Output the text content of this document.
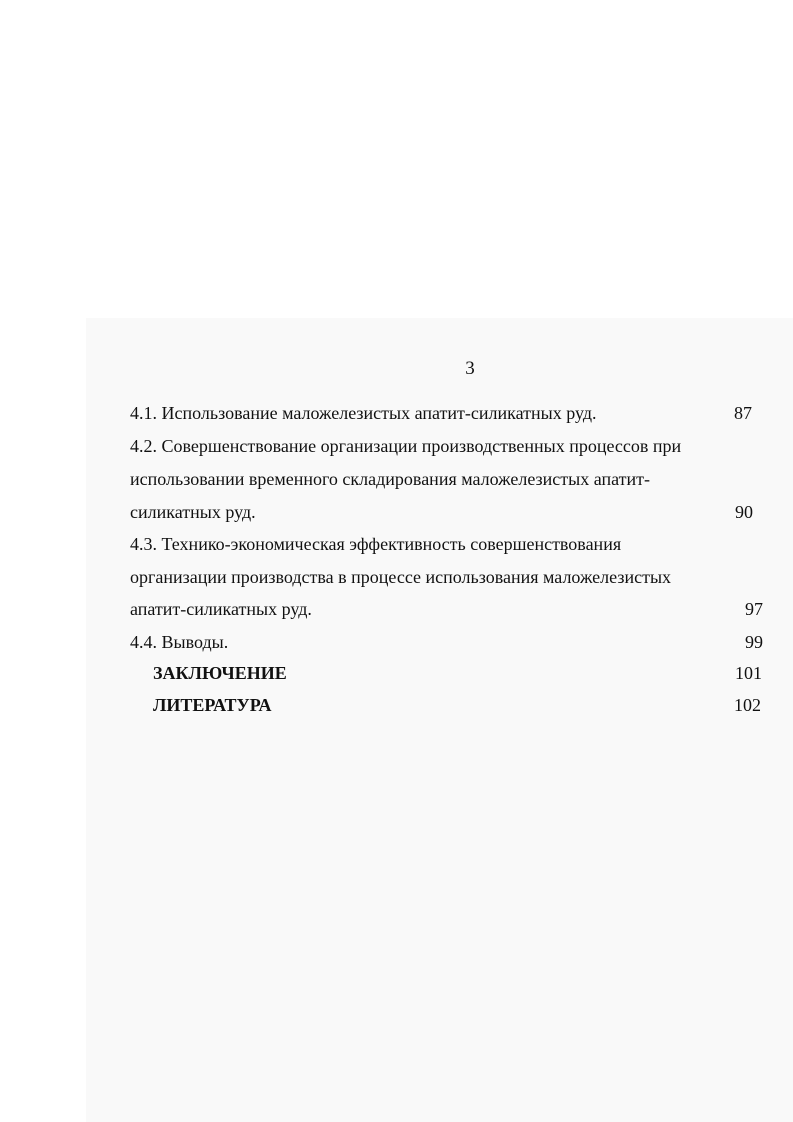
3
4.1. Использование маложелезистых апатит-силикатных руд.	87
4.2. Совершенствование организации производственных процессов при
использовании временного складирования маложелезистых апатит-
силикатных руд.	90
4.3. Технико-экономическая эффективность совершенствования
организации производства в процессе использования маложелезистых
апатит-силикатных руд.	97
4.4. Выводы.	99
ЗАКЛЮЧЕНИЕ	101
ЛИТЕРАТУРА	102
